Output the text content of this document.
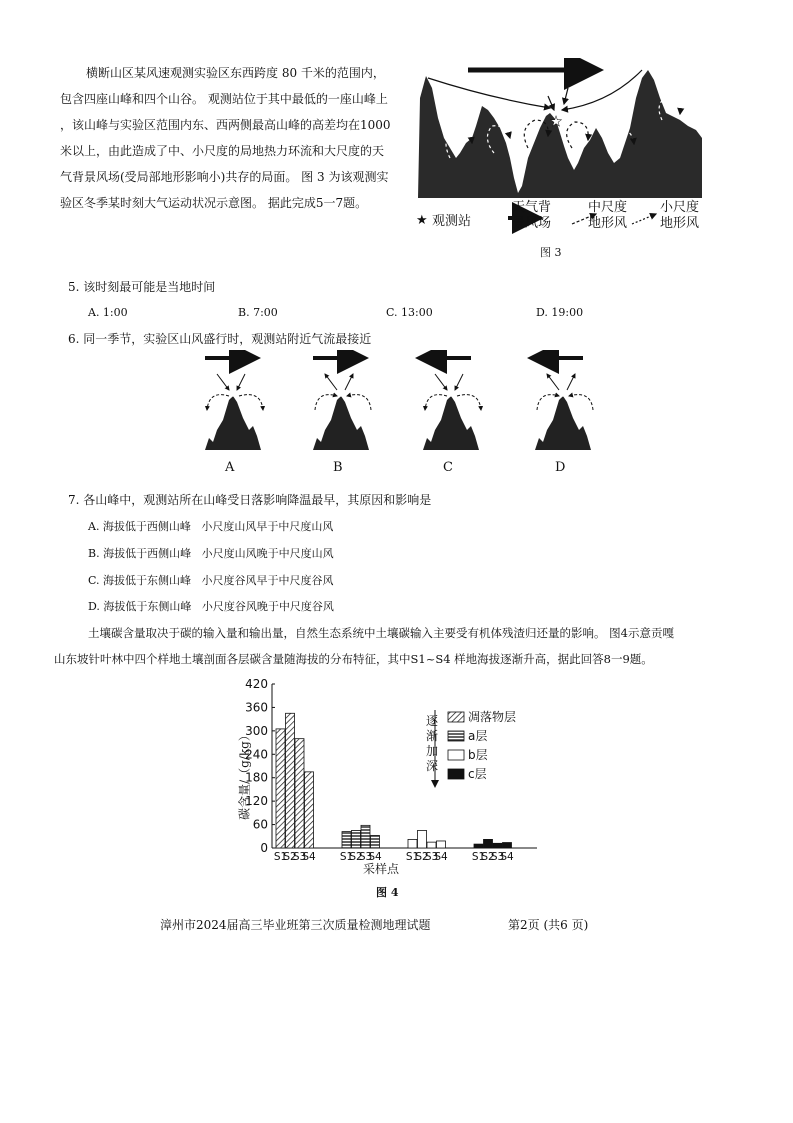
横断山区某风速观测实验区东西跨度 80 千米的范围内，
包含四座山峰和四个山谷。 观测站位于其中最低的一座山峰上
，该山峰与实验区范围内东、西两侧最高山峰的高差均在1000
米以上，由此造成了中、小尺度的局地热力环流和大尺度的天
气背景风场(受局部地形影响小)共存的局面。 图 3 为该观测实
验区冬季某时刻大气运动状况示意图。 据此完成5一7题。
★
★ 观测站
天气背
景风场
中尺度
地形风
小尺度
地形风
图 3
5. 该时刻最可能是当地时间
A. 1:00	B. 7:00	C. 13:00	D. 19:00
6. 同一季节，实验区山风盛行时，观测站附近气流最接近
★	★	★	★
A	B	C	D
7. 各山峰中，观测站所在山峰受日落影响降温最早，其原因和影响是
A. 海拔低于西侧山峰   小尺度山风早于中尺度山风
B. 海拔低于西侧山峰   小尺度山风晚于中尺度山风
C. 海拔低于东侧山峰   小尺度谷风早于中尺度谷风
D. 海拔低于东侧山峰   小尺度谷风晚于中尺度谷风
土壤碳含量取决于碳的输入量和输出量，自然生态系统中土壤碳输入主要受有机体残渣归还量的影响。 图4示意贡嘎
山东坡针叶林中四个样地土壤剖面各层碳含量随海拔的分布特征，其中S1~S4 样地海拔逐渐升高，据此回答8一9题。
0
60
120
180
240
300
360
420
S1
S2
S3
S4 S1
S2
S3
S4 S1
S2
S3
S4 S1
S2
S3
S4
凋落物层
a层
b层
c层
碳含量/（g/kg）
采样点
逐
渐
加
深
图 4
漳州市2024届高三毕业班第三次质量检测地理试题	第2页 (共6 页)
